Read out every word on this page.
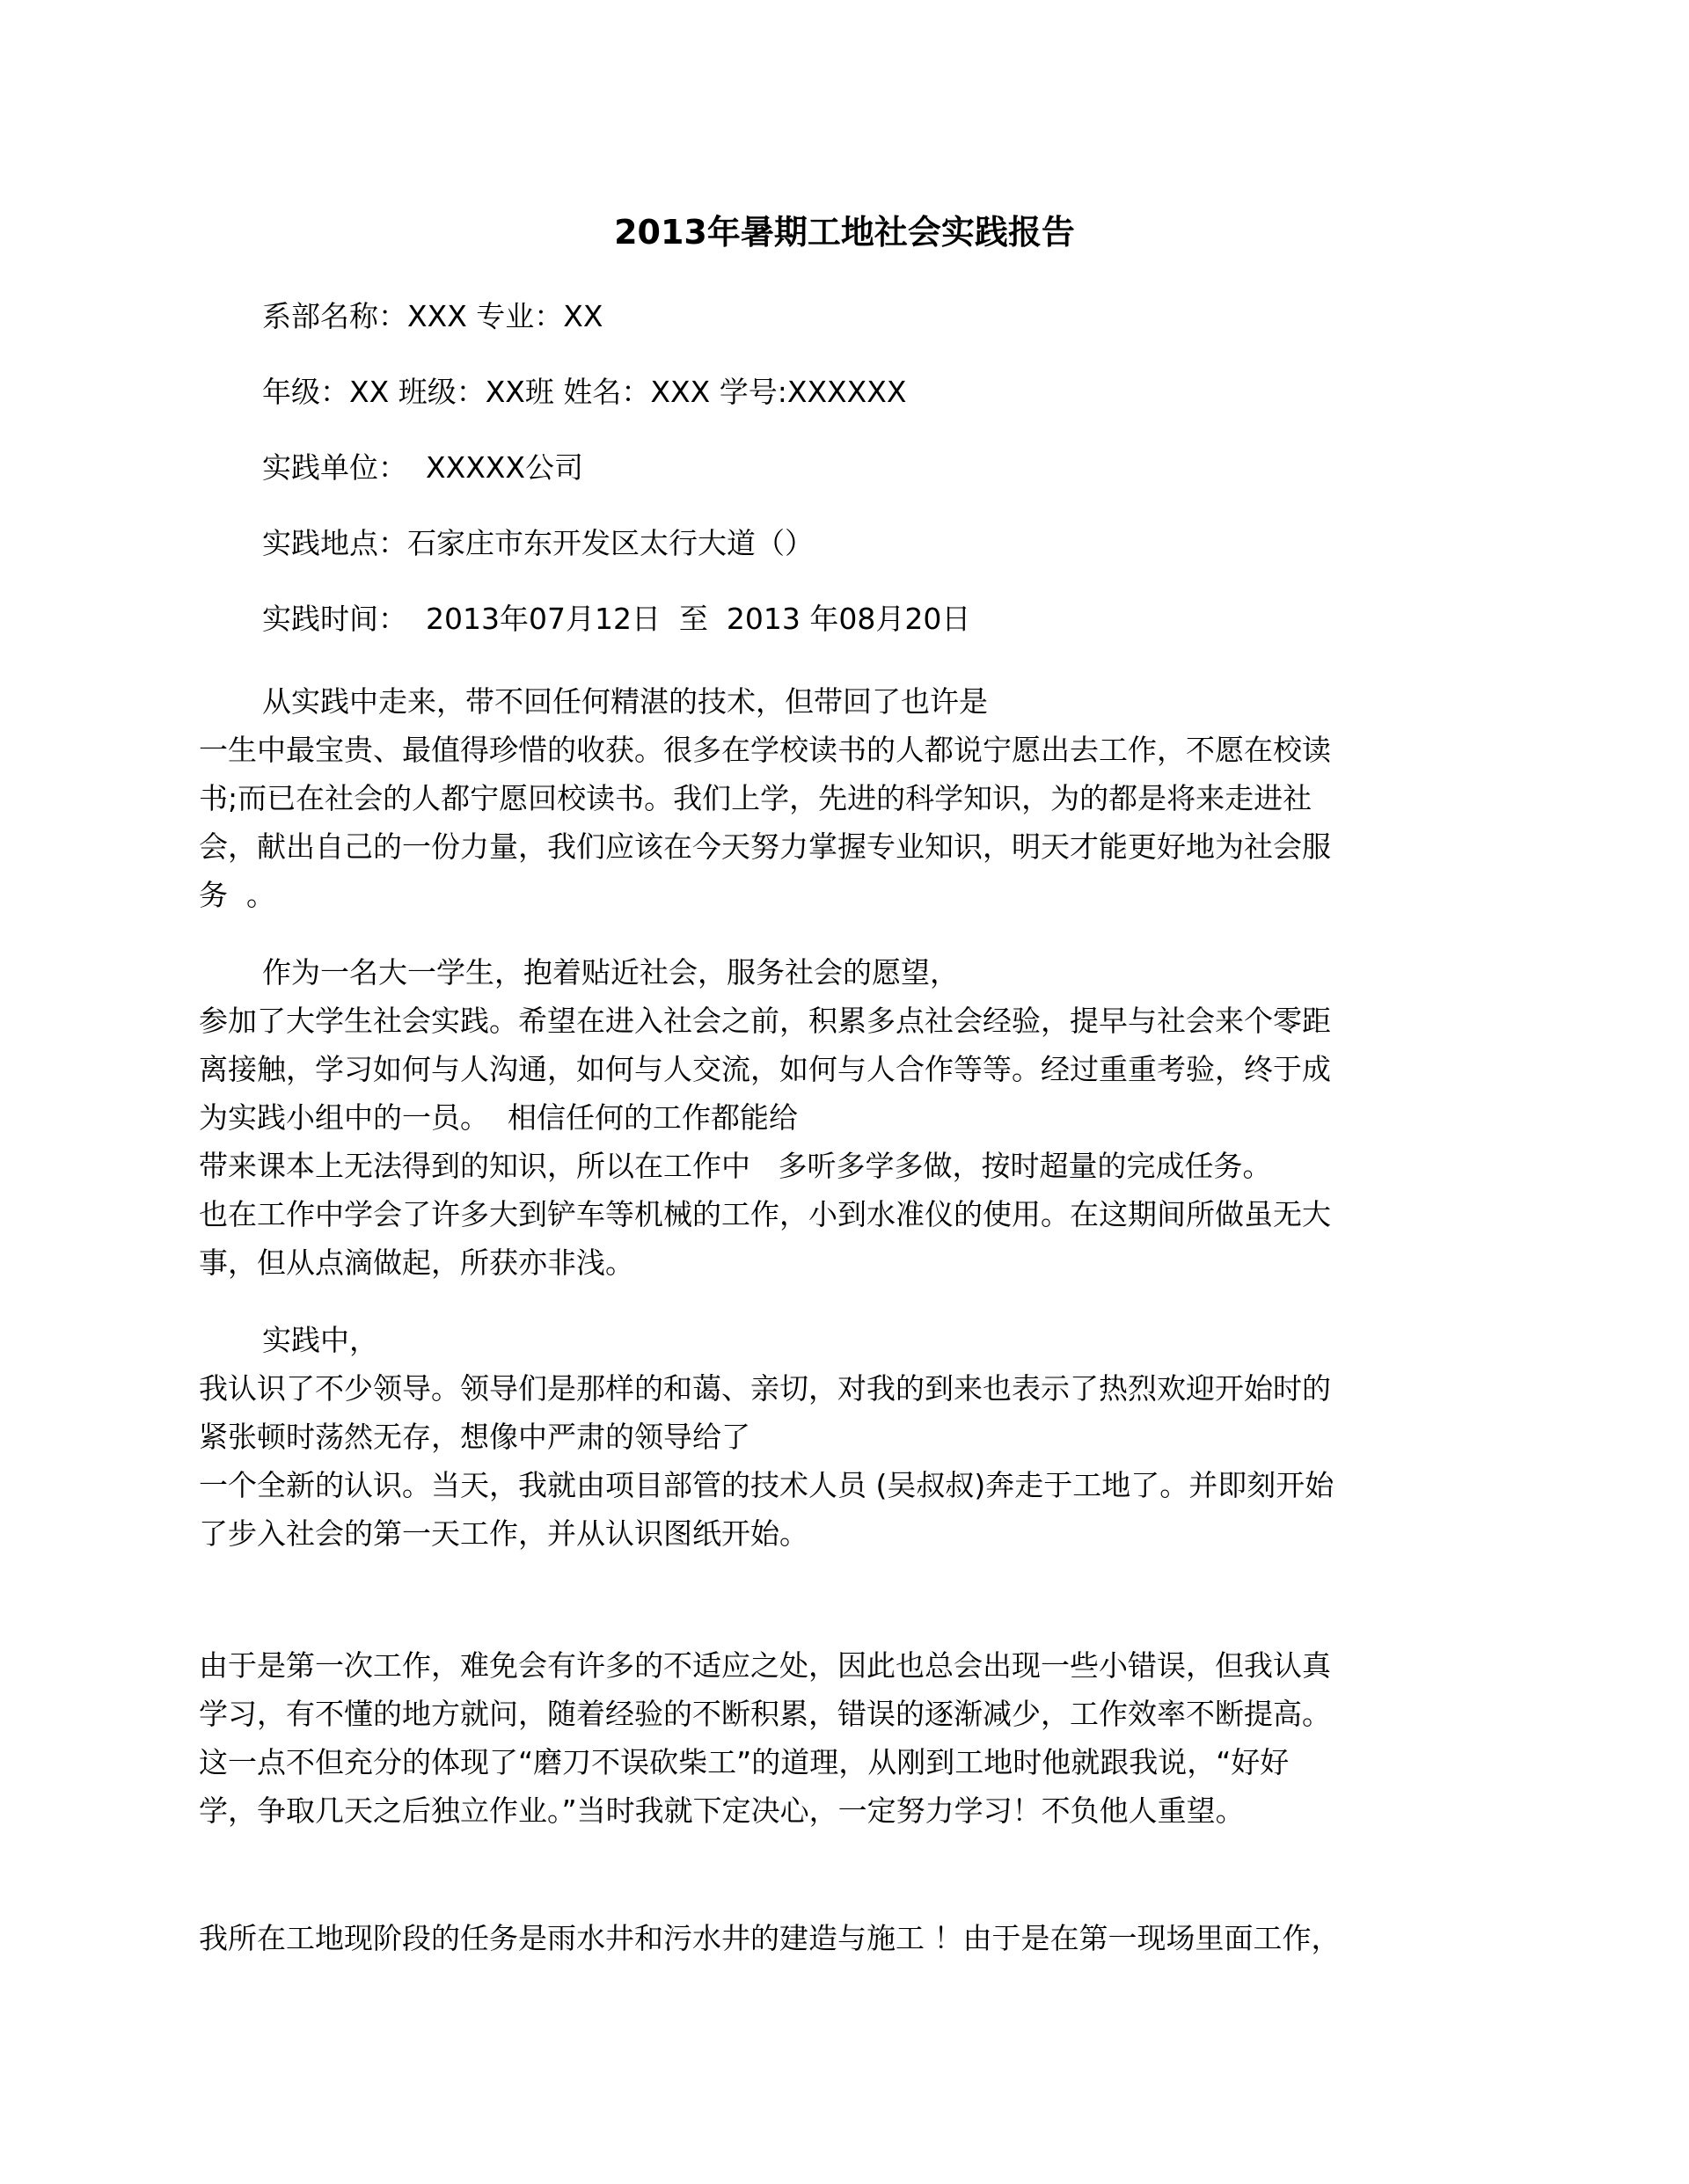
2013年暑期工地社会实践报告
系部名称：XXX 专业：XX
年级：XX 班级：XX班 姓名：XXX 学号:XXXXXX
实践单位：  XXXXX公司
实践地点：石家庄市东开发区太行大道（）
实践时间：  2013年07月12日  至  2013 年08月20日
从实践中走来，带不回任何精湛的技术，但带回了也许是
一生中最宝贵、最值得珍惜的收获。很多在学校读书的人都说宁愿出去工作，不愿在校读
书;而已在社会的人都宁愿回校读书。我们上学，先进的科学知识，为的都是将来走进社
会，献出自己的一份力量，我们应该在今天努力掌握专业知识，明天才能更好地为社会服
务  。
作为一名大一学生，抱着贴近社会，服务社会的愿望，
参加了大学生社会实践。希望在进入社会之前，积累多点社会经验，提早与社会来个零距
离接触，学习如何与人沟通，如何与人交流，如何与人合作等等。经过重重考验，终于成
为实践小组中的一员。  相信任何的工作都能给
带来课本上无法得到的知识，所以在工作中   多听多学多做，按时超量的完成任务。
也在工作中学会了许多大到铲车等机械的工作，小到水准仪的使用。在这期间所做虽无大
事，但从点滴做起，所获亦非浅。
实践中，
我认识了不少领导。领导们是那样的和蔼、亲切，对我的到来也表示了热烈欢迎开始时的
紧张顿时荡然无存，想像中严肃的领导给了
一个全新的认识。当天，我就由项目部管的技术人员 (吴叔叔)奔走于工地了。并即刻开始
了步入社会的第一天工作，并从认识图纸开始。
由于是第一次工作，难免会有许多的不适应之处，因此也总会出现一些小错误，但我认真
学习，有不懂的地方就问，随着经验的不断积累，错误的逐渐减少，工作效率不断提高。
这一点不但充分的体现了“磨刀不误砍柴工”的道理，从刚到工地时他就跟我说，“好好
学，争取几天之后独立作业。”当时我就下定决心，一定努力学习！不负他人重望。
我所在工地现阶段的任务是雨水井和污水井的建造与施工 ！由于是在第一现场里面工作，
